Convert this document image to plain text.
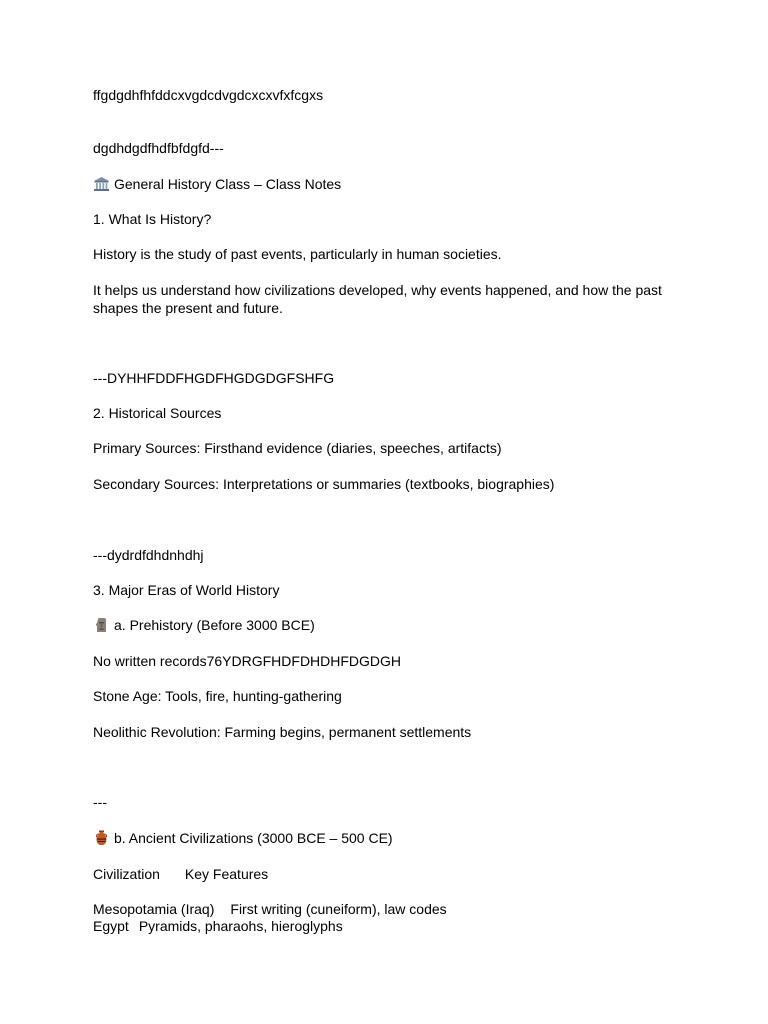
ffgdgdhfhfddcxvgdcdvgdcxcxvfxfcgxs
dgdhdgdfhdfbfdgfd---
General History Class – Class Notes
1. What Is History?
History is the study of past events, particularly in human societies.
It helps us understand how civilizations developed, why events happened, and how the past shapes the present and future.
---DYHHFDDFHGDFHGDGDGFSHFG
2. Historical Sources
Primary Sources: Firsthand evidence (diaries, speeches, artifacts)
Secondary Sources: Interpretations or summaries (textbooks, biographies)
---dydrdfdhdnhdhj
3. Major Eras of World History
a. Prehistory (Before 3000 BCE)
No written records76YDRGFHDFDHDHFDGDGH
Stone Age: Tools, fire, hunting-gathering
Neolithic Revolution: Farming begins, permanent settlements
---
b. Ancient Civilizations (3000 BCE – 500 CE)
Civilization Key Features
Mesopotamia (Iraq) First writing (cuneiform), law codes
Egypt Pyramids, pharaohs, hieroglyphs
